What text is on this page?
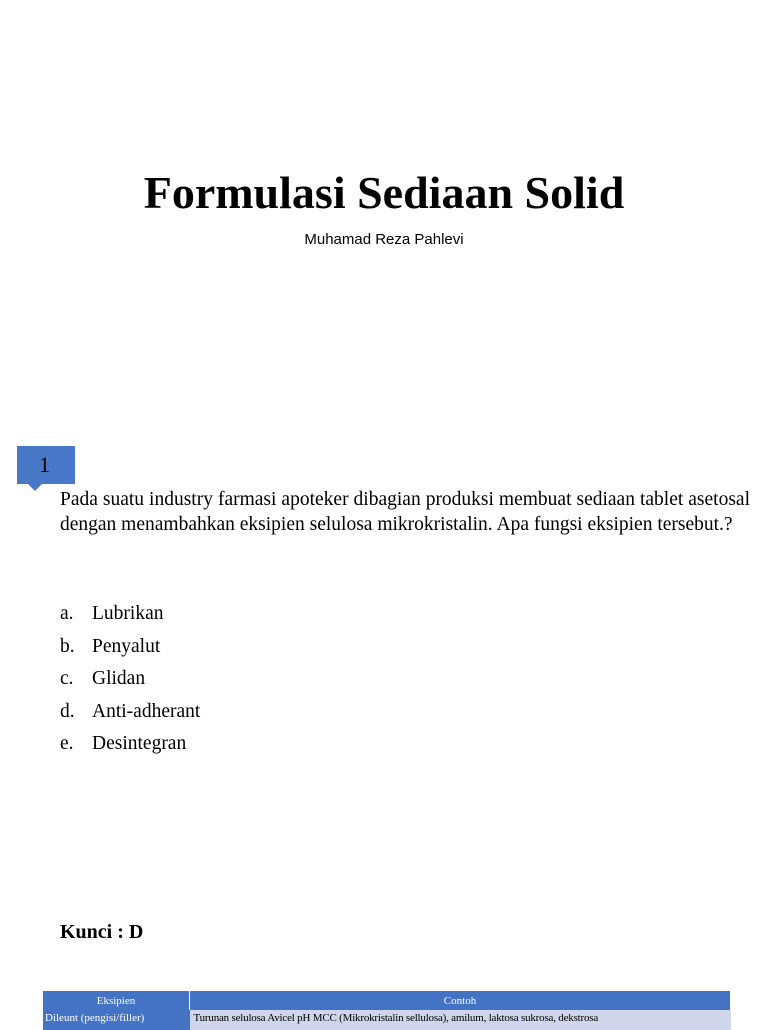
Formulasi Sediaan Solid
Muhamad Reza Pahlevi
1
Pada suatu industry farmasi apoteker dibagian produksi membuat sediaan tablet asetosal dengan menambahkan eksipien selulosa mikrokristalin. Apa fungsi eksipien tersebut.?
a. Lubrikan
b. Penyalut
c. Glidan
d. Anti-adherant
e. Desintegran
Kunci : D
Eksipien	Contoh
Dileunt (pengisi/filler)	Turunan selulosa Avicel pH MCC (Mikrokristalin sellulosa), amilum, laktosa sukrosa, dekstrosa
